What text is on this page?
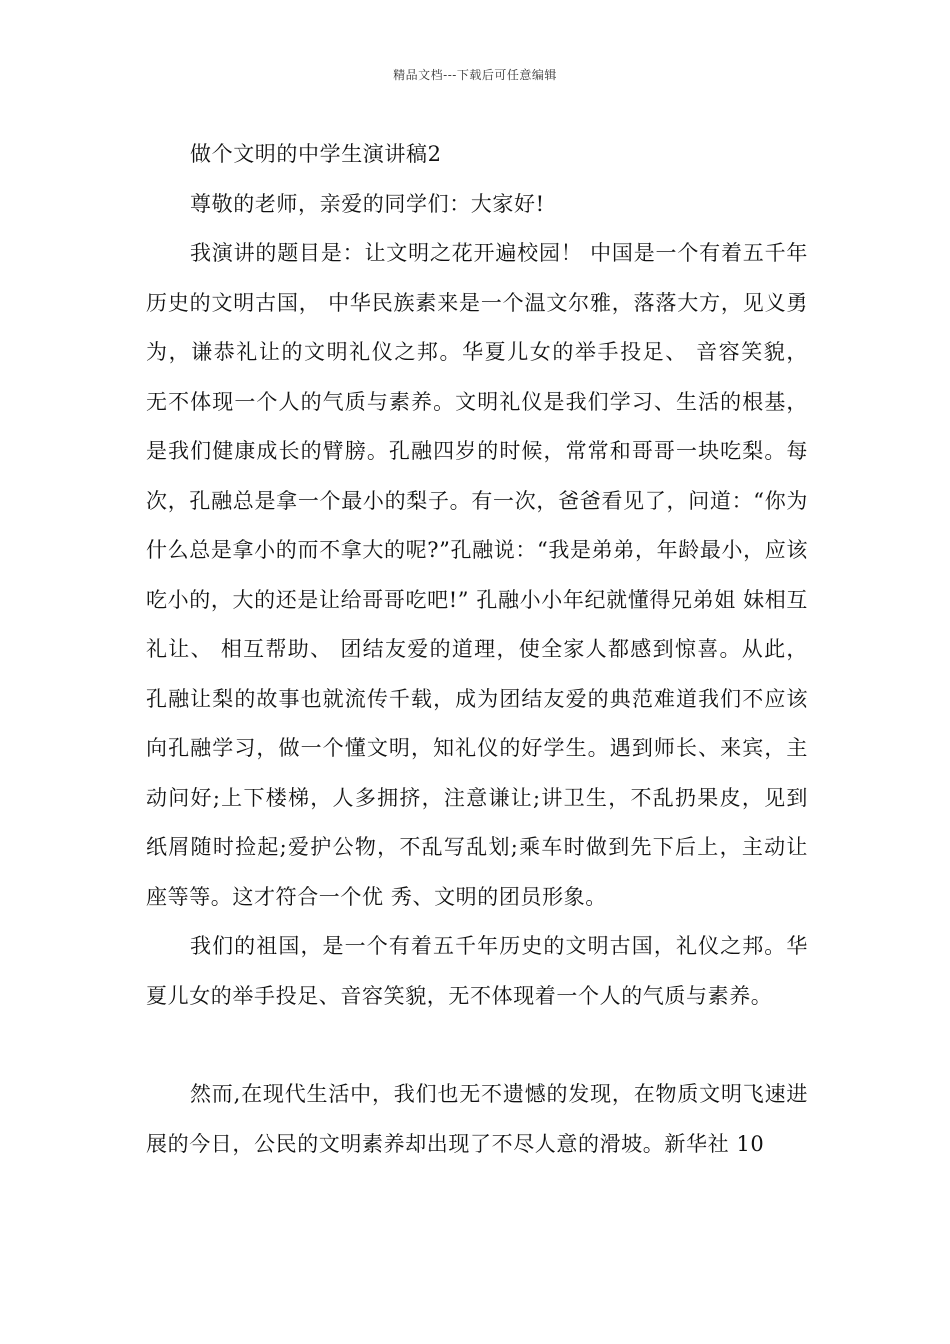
精品文档---下载后可任意编辑

做个文明的中学生演讲稿2

尊敬的老师，亲爱的同学们：大家好!

我演讲的题目是：让文明之花开遍校园！ 中国是一个有着五千年历史的文明古国， 中华民族素来是一个温文尔雅，落落大方，见义勇为，谦恭礼让的文明礼仪之邦。华夏儿女的举手投足、 音容笑貌， 无不体现一个人的气质与素养。文明礼仪是我们学习、生活的根基，是我们健康成长的臂膀。孔融四岁的时候，常常和哥哥一块吃梨。每次，孔融总是拿一个最小的梨子。有一次，爸爸看见了，问道：“你为什么总是拿小的而不拿大的呢?”孔融说：“我是弟弟，年龄最小，应该吃小的，大的还是让给哥哥吃吧!” 孔融小小年纪就懂得兄弟姐 妹相互礼让、 相互帮助、 团结友爱的道理，使全家人都感到惊喜。从此，孔融让梨的故事也就流传千载，成为团结友爱的典范难道我们不应该向孔融学习，做一个懂文明，知礼仪的好学生。遇到师长、来宾，主动问好;上下楼梯，人多拥挤，注意谦让;讲卫生，不乱扔果皮，见到纸屑随时捡起;爱护公物，不乱写乱划;乘车时做到先下后上，主动让座等等。这才符合一个优 秀、文明的团员形象。

我们的祖国，是一个有着五千年历史的文明古国，礼仪之邦。华夏儿女的举手投足、音容笑貌，无不体现着一个人的气质与素养。

然而,在现代生活中，我们也无不遗憾的发现，在物质文明飞速进展的今日，公民的文明素养却出现了不尽人意的滑坡。新华社 10
